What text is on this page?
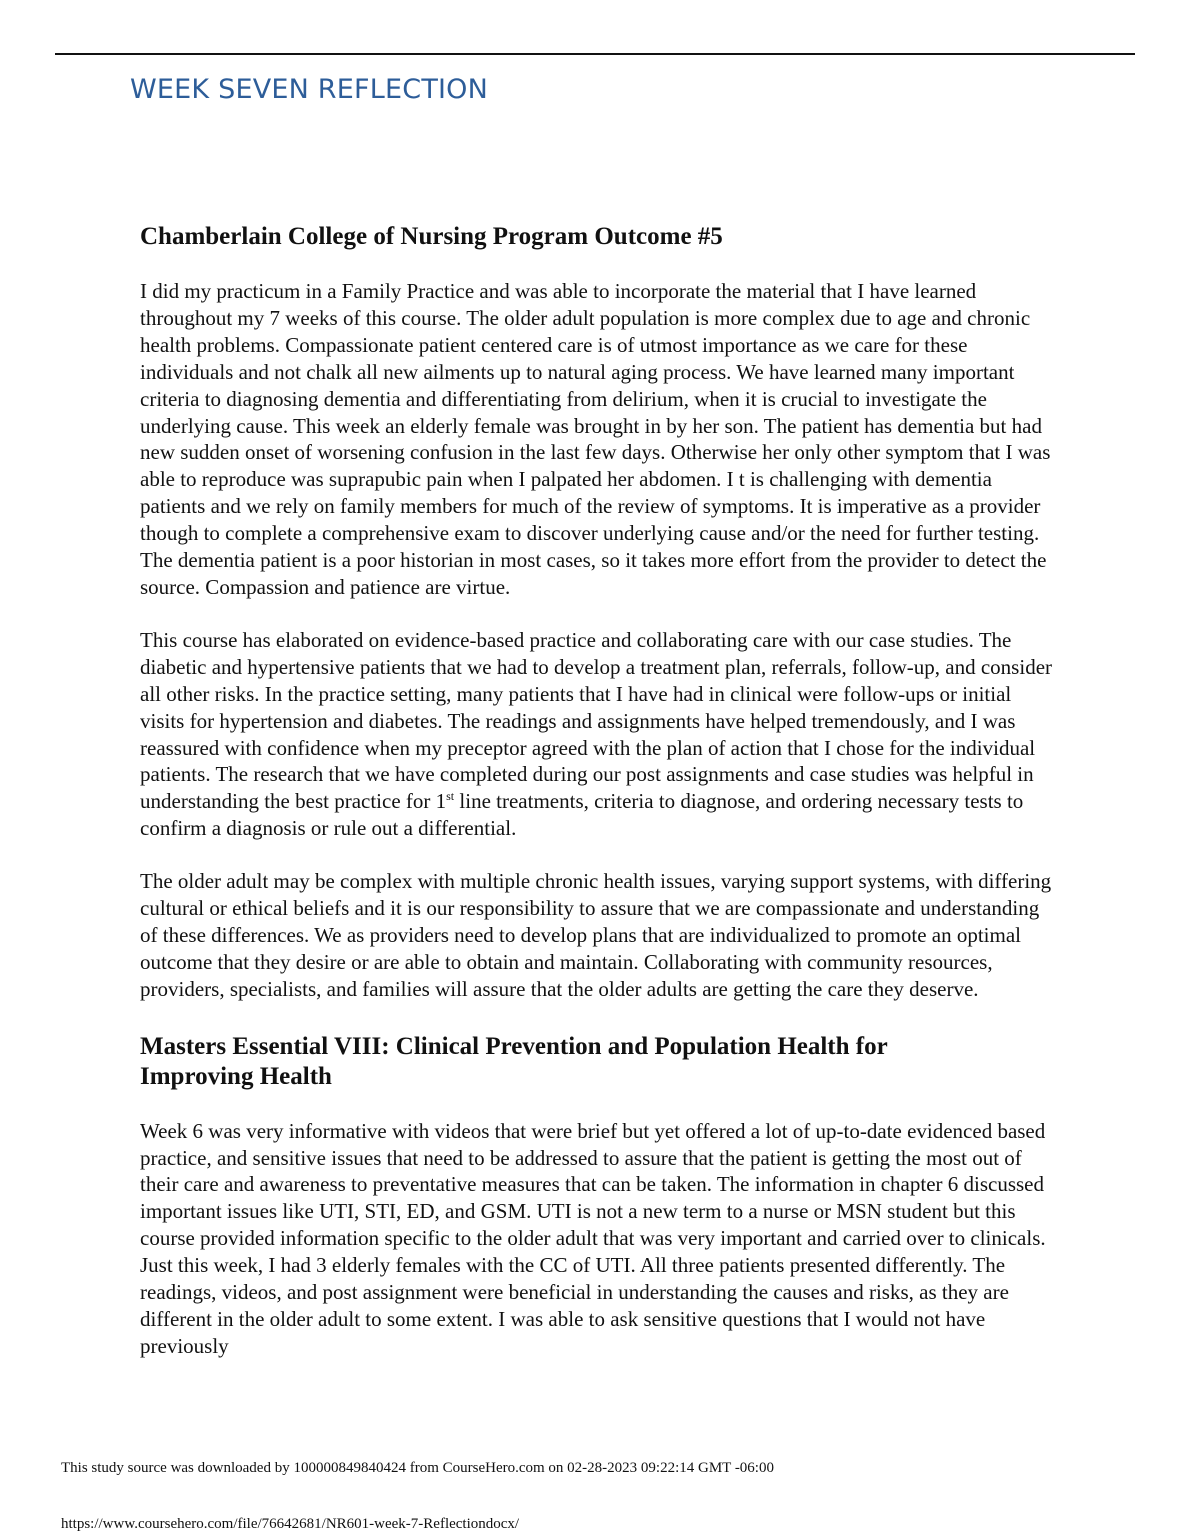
WEEK SEVEN REFLECTION
Chamberlain College of Nursing Program Outcome #5

I did my practicum in a Family Practice and was able to incorporate the material that I have learned throughout my 7 weeks of this course. The older adult population is more complex due to age and chronic health problems. Compassionate patient centered care is of utmost importance as we care for these individuals and not chalk all new ailments up to natural aging process. We have learned many important criteria to diagnosing dementia and differentiating from delirium, when it is crucial to investigate the underlying cause. This week an elderly female was brought in by her son. The patient has dementia but had new sudden onset of worsening confusion in the last few days. Otherwise her only other symptom that I was able to reproduce was suprapubic pain when I palpated her abdomen. I t is challenging with dementia patients and we rely on family members for much of the review of symptoms. It is imperative as a provider though to complete a comprehensive exam to discover underlying cause and/or the need for further testing. The dementia patient is a poor historian in most cases, so it takes more effort from the provider to detect the source. Compassion and patience are virtue.

This course has elaborated on evidence-based practice and collaborating care with our case studies. The diabetic and hypertensive patients that we had to develop a treatment plan, referrals, follow-up, and consider all other risks. In the practice setting, many patients that I have had in clinical were follow-ups or initial visits for hypertension and diabetes. The readings and assignments have helped tremendously, and I was reassured with confidence when my preceptor agreed with the plan of action that I chose for the individual patients. The research that we have completed during our post assignments and case studies was helpful in understanding the best practice for 1st line treatments, criteria to diagnose, and ordering necessary tests to confirm a diagnosis or rule out a differential.

The older adult may be complex with multiple chronic health issues, varying support systems, with differing cultural or ethical beliefs and it is our responsibility to assure that we are compassionate and understanding of these differences. We as providers need to develop plans that are individualized to promote an optimal outcome that they desire or are able to obtain and maintain. Collaborating with community resources, providers, specialists, and families will assure that the older adults are getting the care they deserve.

Masters Essential VIII: Clinical Prevention and Population Health for
Improving Health

Week 6 was very informative with videos that were brief but yet offered a lot of up-to-date evidenced based practice, and sensitive issues that need to be addressed to assure that the patient is getting the most out of their care and awareness to preventative measures that can be taken. The information in chapter 6 discussed important issues like UTI, STI, ED, and GSM. UTI is not a new term to a nurse or MSN student but this course provided information specific to the older adult that was very important and carried over to clinicals. Just this week, I had 3 elderly females with the CC of UTI. All three patients presented differently. The readings, videos, and post assignment were beneficial in understanding the causes and risks, as they are different in the older adult to some extent. I was able to ask sensitive questions that I would not have previously

This study source was downloaded by 100000849840424 from CourseHero.com on 02-28-2023 09:22:14 GMT -06:00

https://www.coursehero.com/file/76642681/NR601-week-7-Reflectiondocx/
